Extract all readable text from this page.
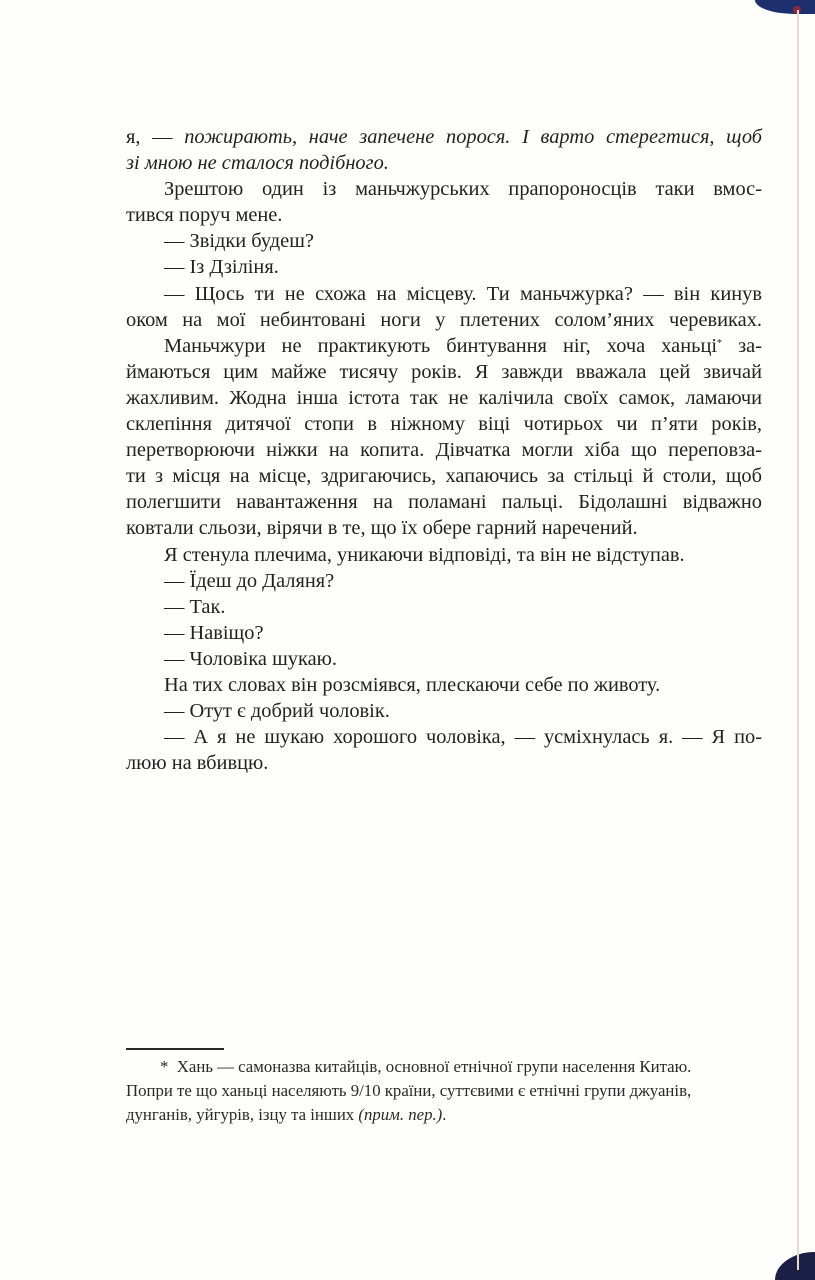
я, — пожирають, наче запечене порося. І варто стерегтися, щоб
зі мною не сталося подібного.
Зрештою один із маньчжурських прапороносців таки вмос-
тився поруч мене.
— Звідки будеш?
— Із Дзіліня.
— Щось ти не схожа на місцеву. Ти маньчжурка? — він кинув
оком на мої небинтовані ноги у плетених солом’яних черевиках.
Маньчжури не практикують бинтування ніг, хоча ханьці* за-
ймаються цим майже тисячу років. Я завжди вважала цей звичай
жахливим. Жодна інша істота так не калічила своїх самок, ламаючи
склепіння дитячої стопи в ніжному віці чотирьох чи п’яти років,
перетворюючи ніжки на копита. Дівчатка могли хіба що переповза-
ти з місця на місце, здригаючись, хапаючись за стільці й столи, щоб
полегшити навантаження на поламані пальці. Бідолашні відважно
ковтали сльози, вірячи в те, що їх обере гарний наречений.
Я стенула плечима, уникаючи відповіді, та він не відступав.
— Їдеш до Даляня?
— Так.
— Навіщо?
— Чоловіка шукаю.
На тих словах він розсміявся, плескаючи себе по животу.
— Отут є добрий чоловік.
— А я не шукаю хорошого чоловіка, — усміхнулась я. — Я по-
люю на вбивцю.
* Хань — самоназва китайців, основної етнічної групи населення Китаю.
Попри те що ханьці населяють 9/10 країни, суттєвими є етнічні групи джуанів,
дунганів, уйгурів, ізцу та інших (прим. пер.).
